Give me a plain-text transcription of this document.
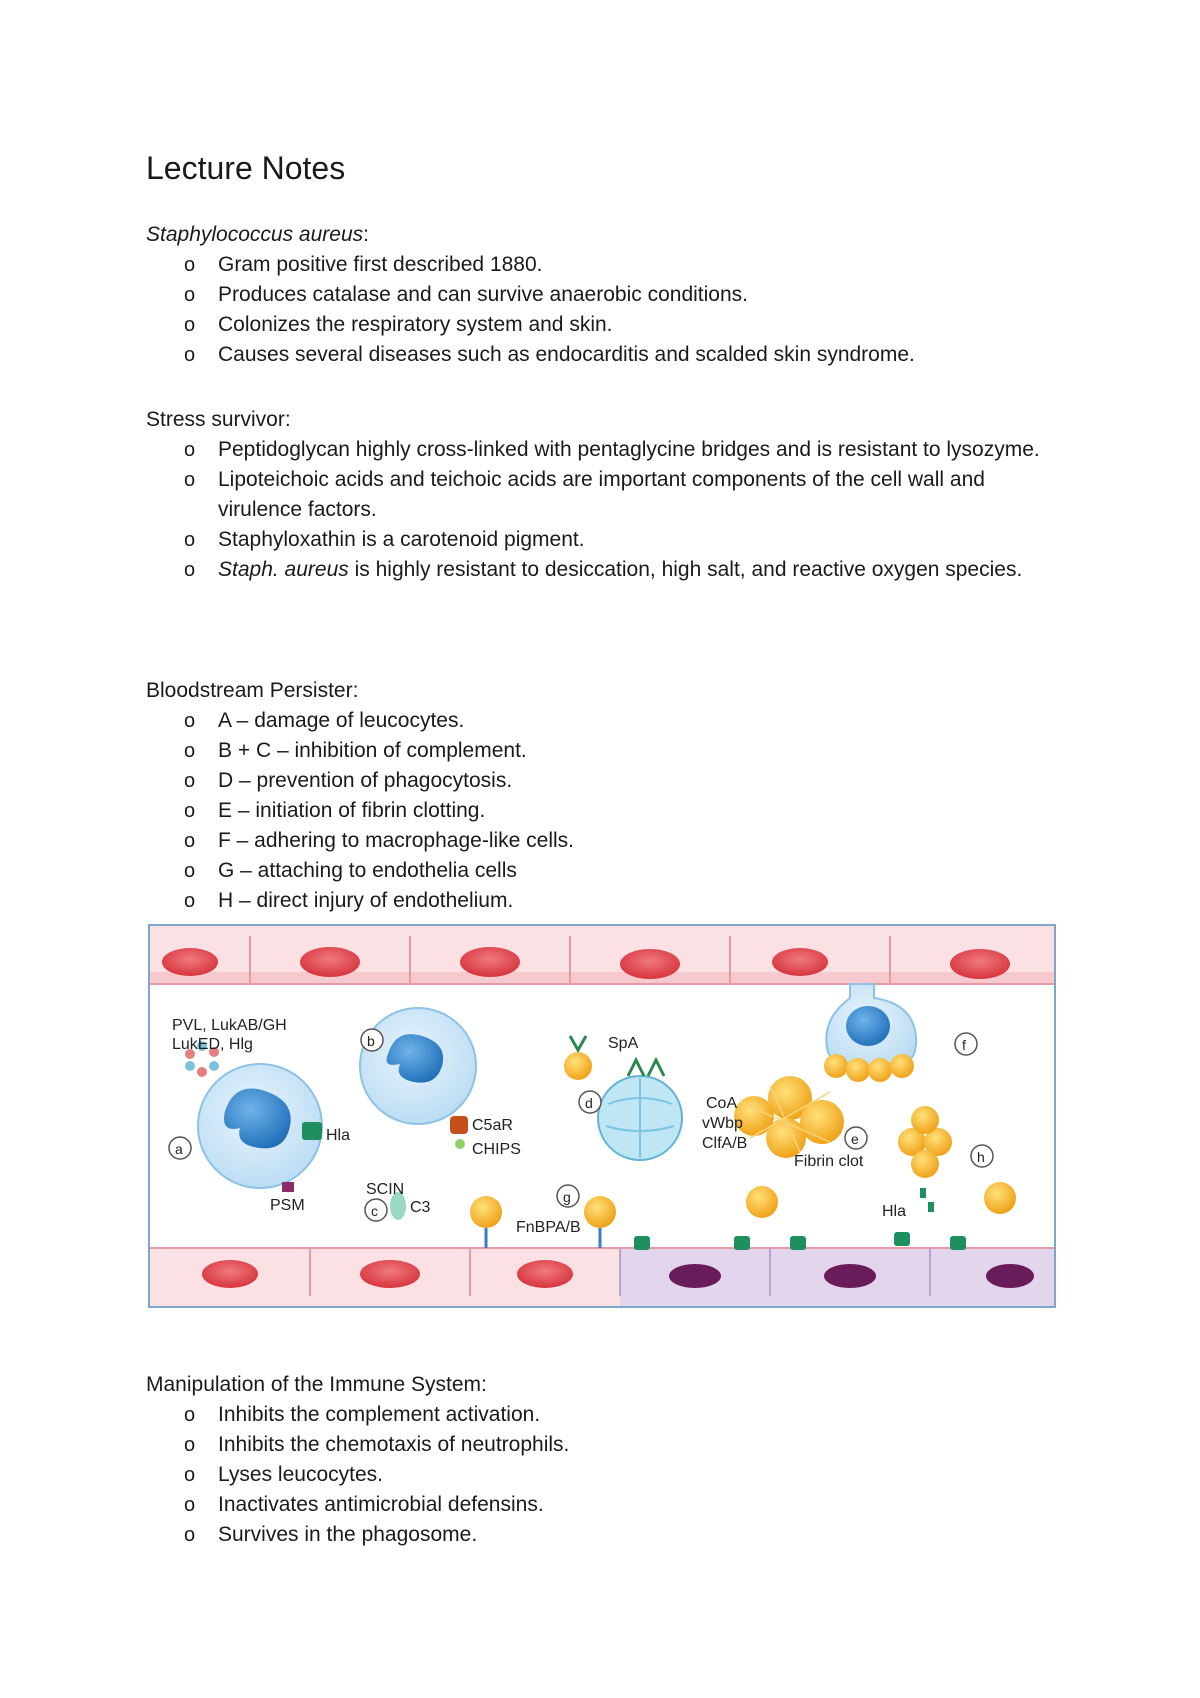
Lecture Notes
Staphylococcus aureus:
o Gram positive first described 1880.
o Produces catalase and can survive anaerobic conditions.
o Colonizes the respiratory system and skin.
o Causes several diseases such as endocarditis and scalded skin syndrome.
Stress survivor:
o Peptidoglycan highly cross-linked with pentaglycine bridges and is resistant to lysozyme.
o Lipoteichoic acids and teichoic acids are important components of the cell wall and virulence factors.
o Staphyloxathin is a carotenoid pigment.
o Staph. aureus is highly resistant to desiccation, high salt, and reactive oxygen species.
Bloodstream Persister:
o A – damage of leucocytes.
o B + C – inhibition of complement.
o D – prevention of phagocytosis.
o E – initiation of fibrin clotting.
o F – adhering to macrophage-like cells.
o G – attaching to endothelia cells
o H – direct injury of endothelium.
PVL, LukAB/GH
LukED, Hlg
Hla
PSM
C5aR
CHIPS
SCIN
C3
SpA
CoA
vWbp
ClfA/B
Fibrin clot
Hla
FnBPA/B
a
b
c
d
e
f
g
h
Manipulation of the Immune System:
o Inhibits the complement activation.
o Inhibits the chemotaxis of neutrophils.
o Lyses leucocytes.
o Inactivates antimicrobial defensins.
o Survives in the phagosome.
